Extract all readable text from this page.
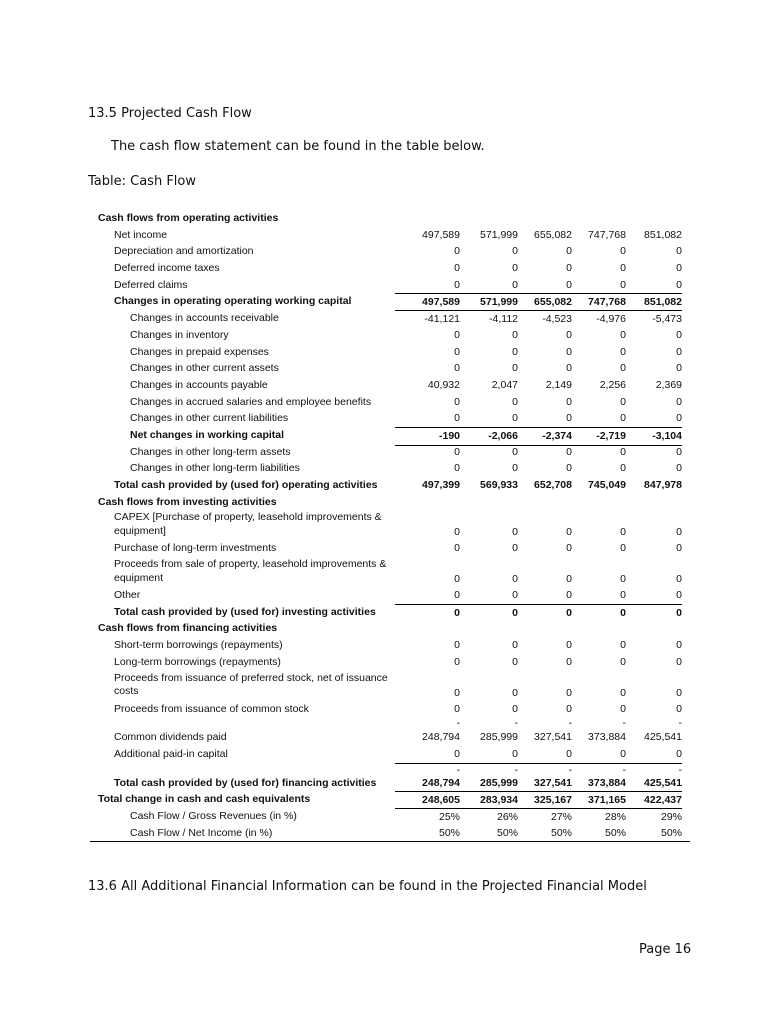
13.5 Projected Cash Flow
The cash flow statement can be found in the table below.
Table: Cash Flow
Cash flows from operating activities
Net income	497,589	571,999	655,082	747,768	851,082
Depreciation and amortization	0	0	0	0	0
Deferred income taxes	0	0	0	0	0
Deferred claims	0	0	0	0	0
Changes in operating operating working capital	497,589	571,999	655,082	747,768	851,082
Changes in accounts receivable	-41,121	-4,112	-4,523	-4,976	-5,473
Changes in inventory	0	0	0	0	0
Changes in prepaid expenses	0	0	0	0	0
Changes in other current assets	0	0	0	0	0
Changes in accounts payable	40,932	2,047	2,149	2,256	2,369
Changes in accrued salaries and employee benefits	0	0	0	0	0
Changes in other current liabilities	0	0	0	0	0
Net changes in working capital	-190	-2,066	-2,374	-2,719	-3,104
Changes in other long-term assets	0	0	0	0	0
Changes in other long-term liabilities	0	0	0	0	0
Total cash provided by (used for) operating activities	497,399	569,933	652,708	745,049	847,978
Cash flows from investing activities
CAPEX [Purchase of property, leasehold improvements & equipment]	0	0	0	0	0
Purchase of long-term investments	0	0	0	0	0
Proceeds from sale of property, leasehold improvements & equipment	0	0	0	0	0
Other	0	0	0	0	0
Total cash provided by (used for) investing activities	0	0	0	0	0
Cash flows from financing activities
Short-term borrowings (repayments)	0	0	0	0	0
Long-term borrowings (repayments)	0	0	0	0	0
Proceeds from issuance of preferred stock, net of issuance costs	0	0	0	0	0
Proceeds from issuance of common stock	0	0	0	0	0
-	-	-	-	-
Common dividends paid	248,794	285,999	327,541	373,884	425,541
Additional paid-in capital	0	0	0	0	0
-	-	-	-	-
Total cash provided by (used for) financing activities	248,794	285,999	327,541	373,884	425,541
Total change in cash and cash equivalents	248,605	283,934	325,167	371,165	422,437
Cash Flow / Gross Revenues (in %)	25%	26%	27%	28%	29%
Cash Flow / Net Income (in %)	50%	50%	50%	50%	50%
13.6 All Additional Financial Information can be found in the Projected Financial Model
Page 16
